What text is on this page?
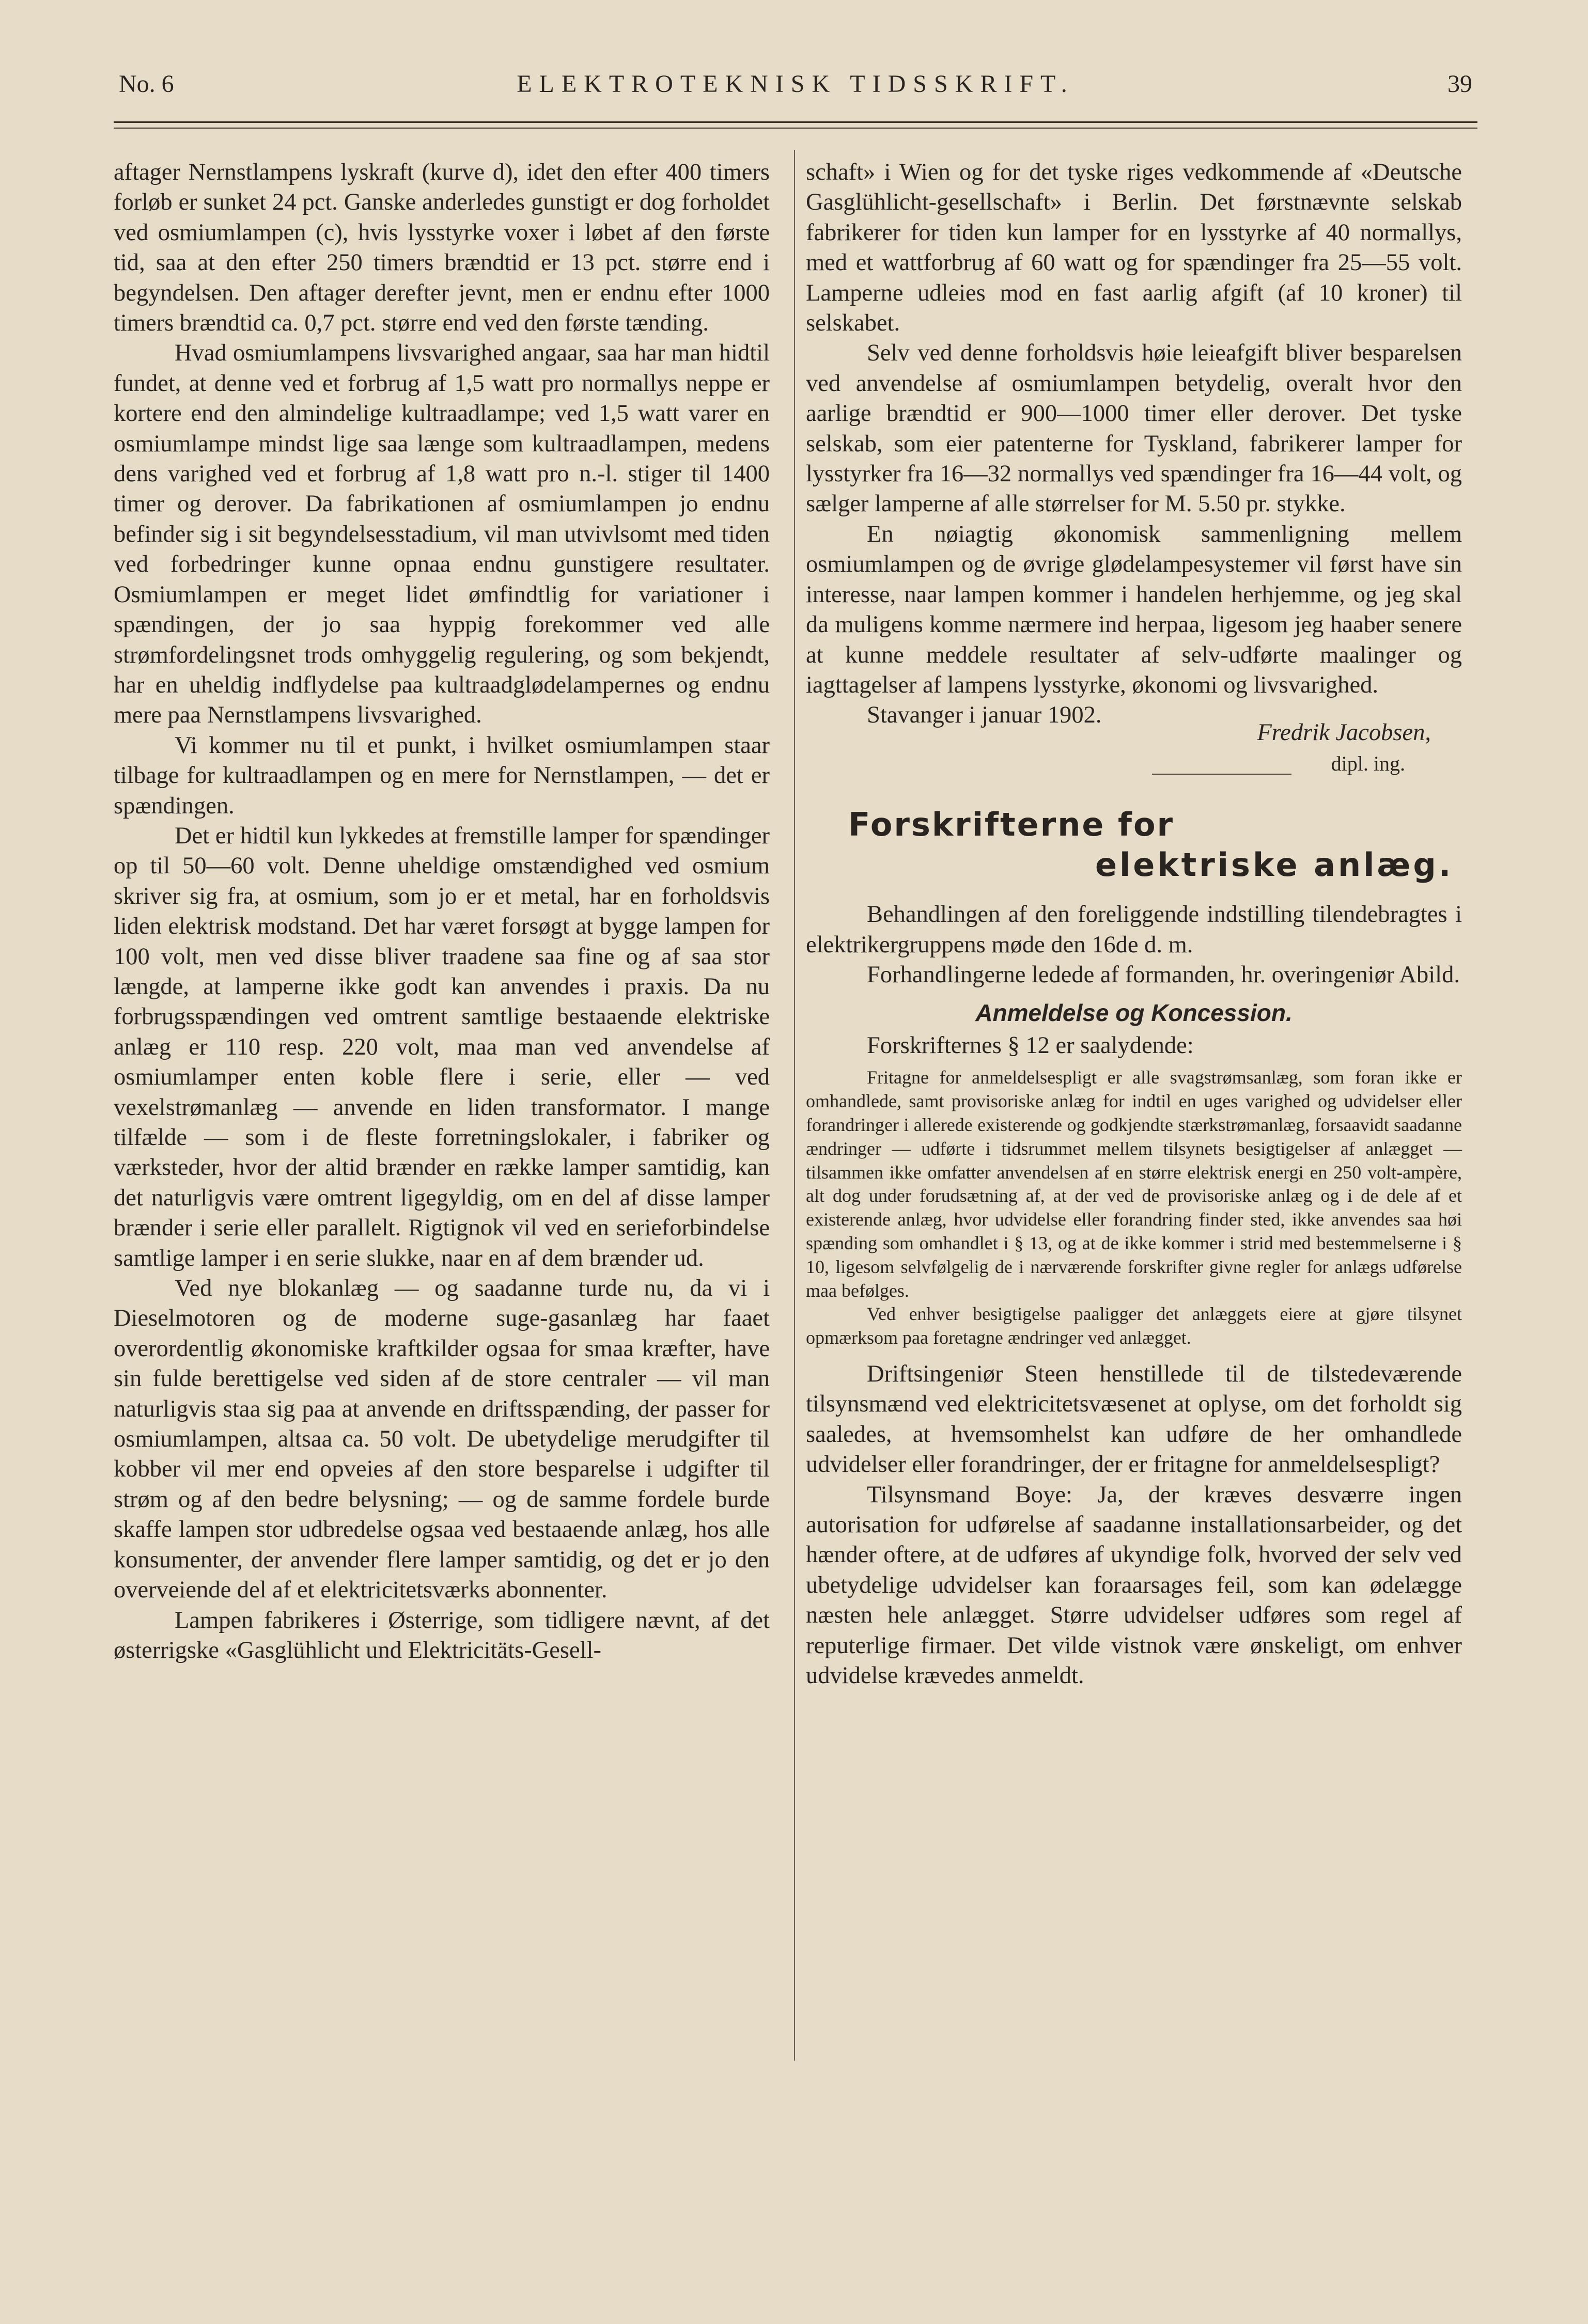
No. 6	ELEKTROTEKNISK TIDSSKRIFT.	39

aftager Nernstlampens lyskraft (kurve d), idet den efter 400 timers forløb er sunket 24 pct. Ganske anderledes gunstigt er dog forholdet ved osmiumlampen (c), hvis lysstyrke voxer i løbet af den første tid, saa at den efter 250 timers brændtid er 13 pct. større end i begyndelsen. Den aftager derefter jevnt, men er endnu efter 1000 timers brændtid ca. 0,7 pct. større end ved den første tænding.

Hvad osmiumlampens livsvarighed angaar, saa har man hidtil fundet, at denne ved et forbrug af 1,5 watt pro normallys neppe er kortere end den almindelige kultraadlampe; ved 1,5 watt varer en osmiumlampe mindst lige saa længe som kultraadlampen, medens dens varighed ved et forbrug af 1,8 watt pro n.-l. stiger til 1400 timer og derover. Da fabrikationen af osmiumlampen jo endnu befinder sig i sit begyndelsesstadium, vil man utvivlsomt med tiden ved forbedringer kunne opnaa endnu gunstigere resultater. Osmiumlampen er meget lidet ømfindtlig for variationer i spændingen, der jo saa hyppig forekommer ved alle strømfordelingsnet trods omhyggelig regulering, og som bekjendt, har en uheldig indflydelse paa kultraadglødelampernes og endnu mere paa Nernstlampens livsvarighed.

Vi kommer nu til et punkt, i hvilket osmiumlampen staar tilbage for kultraadlampen og en mere for Nernstlampen, — det er spændingen.

Det er hidtil kun lykkedes at fremstille lamper for spændinger op til 50—60 volt. Denne uheldige omstændighed ved osmium skriver sig fra, at osmium, som jo er et metal, har en forholdsvis liden elektrisk modstand. Det har været forsøgt at bygge lampen for 100 volt, men ved disse bliver traadene saa fine og af saa stor længde, at lamperne ikke godt kan anvendes i praxis. Da nu forbrugsspændingen ved omtrent samtlige bestaaende elektriske anlæg er 110 resp. 220 volt, maa man ved anvendelse af osmiumlamper enten koble flere i serie, eller — ved vexelstrømanlæg — anvende en liden transformator. I mange tilfælde — som i de fleste forretningslokaler, i fabriker og værksteder, hvor der altid brænder en række lamper samtidig, kan det naturligvis være omtrent ligegyldig, om en del af disse lamper brænder i serie eller parallelt. Rigtignok vil ved en serieforbindelse samtlige lamper i en serie slukke, naar en af dem brænder ud.

Ved nye blokanlæg — og saadanne turde nu, da vi i Dieselmotoren og de moderne suge-gasanlæg har faaet overordentlig økonomiske kraftkilder ogsaa for smaa kræfter, have sin fulde berettigelse ved siden af de store centraler — vil man naturligvis staa sig paa at anvende en driftsspænding, der passer for osmiumlampen, altsaa ca. 50 volt. De ubetydelige merudgifter til kobber vil mer end opveies af den store besparelse i udgifter til strøm og af den bedre belysning; — og de samme fordele burde skaffe lampen stor udbredelse ogsaa ved bestaaende anlæg, hos alle konsumenter, der anvender flere lamper samtidig, og det er jo den overveiende del af et elektricitetsværks abonnenter.

Lampen fabrikeres i Østerrige, som tidligere nævnt, af det østerrigske «Gasglühlicht und Elektricitäts-Gesell-

schaft» i Wien og for det tyske riges vedkommende af «Deutsche Gasglühlicht-gesellschaft» i Berlin. Det førstnævnte selskab fabrikerer for tiden kun lamper for en lysstyrke af 40 normallys, med et wattforbrug af 60 watt og for spændinger fra 25—55 volt. Lamperne udleies mod en fast aarlig afgift (af 10 kroner) til selskabet.

Selv ved denne forholdsvis høie leieafgift bliver besparelsen ved anvendelse af osmiumlampen betydelig, overalt hvor den aarlige brændtid er 900—1000 timer eller derover. Det tyske selskab, som eier patenterne for Tyskland, fabrikerer lamper for lysstyrker fra 16—32 normallys ved spændinger fra 16—44 volt, og sælger lamperne af alle størrelser for M. 5.50 pr. stykke.

En nøiagtig økonomisk sammenligning mellem osmiumlampen og de øvrige glødelampesystemer vil først have sin interesse, naar lampen kommer i handelen herhjemme, og jeg skal da muligens komme nærmere ind herpaa, ligesom jeg haaber senere at kunne meddele resultater af selv-udførte maalinger og iagttagelser af lampens lysstyrke, økonomi og livsvarighed.

Stavanger i januar 1902.
Fredrik Jacobsen,
dipl. ing.
Forskrifterne for
elektriske anlæg.

Behandlingen af den foreliggende indstilling tilendebragtes i elektrikergruppens møde den 16de d. m.

Forhandlingerne ledede af formanden, hr. overingeniør Abild.

Anmeldelse og Koncession.

Forskrifternes § 12 er saalydende:

Fritagne for anmeldelsespligt er alle svagstrømsanlæg, som foran ikke er omhandlede, samt provisoriske anlæg for indtil en uges varighed og udvidelser eller forandringer i allerede existerende og godkjendte stærkstrømanlæg, forsaavidt saadanne ændringer — udførte i tidsrummet mellem tilsynets besigtigelser af anlægget — tilsammen ikke omfatter anvendelsen af en større elektrisk energi en 250 volt-ampère, alt dog under forudsætning af, at der ved de provisoriske anlæg og i de dele af et existerende anlæg, hvor udvidelse eller forandring finder sted, ikke anvendes saa høi spænding som omhandlet i § 13, og at de ikke kommer i strid med bestemmelserne i § 10, ligesom selvfølgelig de i nærværende forskrifter givne regler for anlægs udførelse maa befølges.

Ved enhver besigtigelse paaligger det anlæggets eiere at gjøre tilsynet opmærksom paa foretagne ændringer ved anlægget.

Driftsingeniør Steen henstillede til de tilstedeværende tilsynsmænd ved elektricitetsvæsenet at oplyse, om det forholdt sig saaledes, at hvemsomhelst kan udføre de her omhandlede udvidelser eller forandringer, der er fritagne for anmeldelsespligt?

Tilsynsmand Boye: Ja, der kræves desværre ingen autorisation for udførelse af saadanne installationsarbeider, og det hænder oftere, at de udføres af ukyndige folk, hvorved der selv ved ubetydelige udvidelser kan foraarsages feil, som kan ødelægge næsten hele anlægget. Større udvidelser udføres som regel af reputerlige firmaer. Det vilde vistnok være ønskeligt, om enhver udvidelse krævedes anmeldt.
